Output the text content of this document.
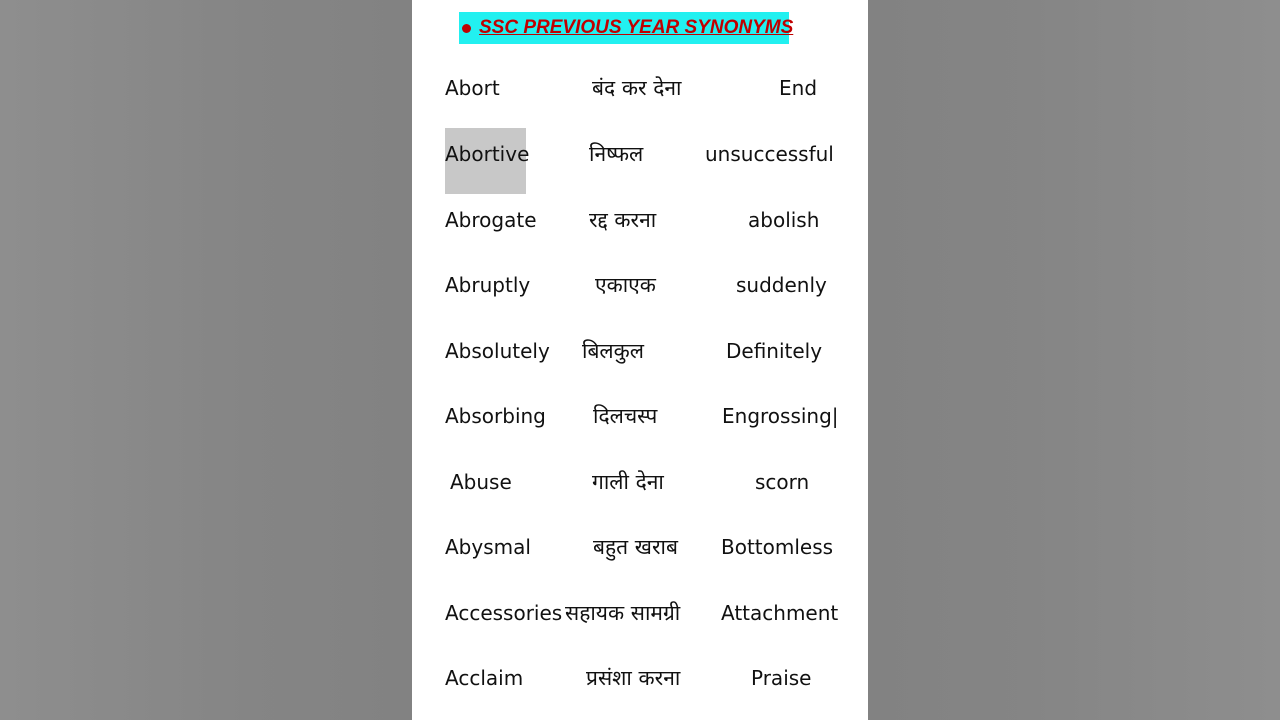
SSC PREVIOUS YEAR SYNONYMS
Abort	बंद कर देना	End
Abortive	निष्फल	unsuccessful
Abrogate	रद्द करना	abolish
Abruptly	एकाएक	suddenly
Absolutely बिलकुल	Definitely
Absorbing दिलचस्प	Engrossing|
Abuse	गाली देना	scorn
Abysmal	बहुत खराब Bottomless
Accessories सहायक सामग्री Attachment
Acclaim	प्रसंशा करना	Praise
